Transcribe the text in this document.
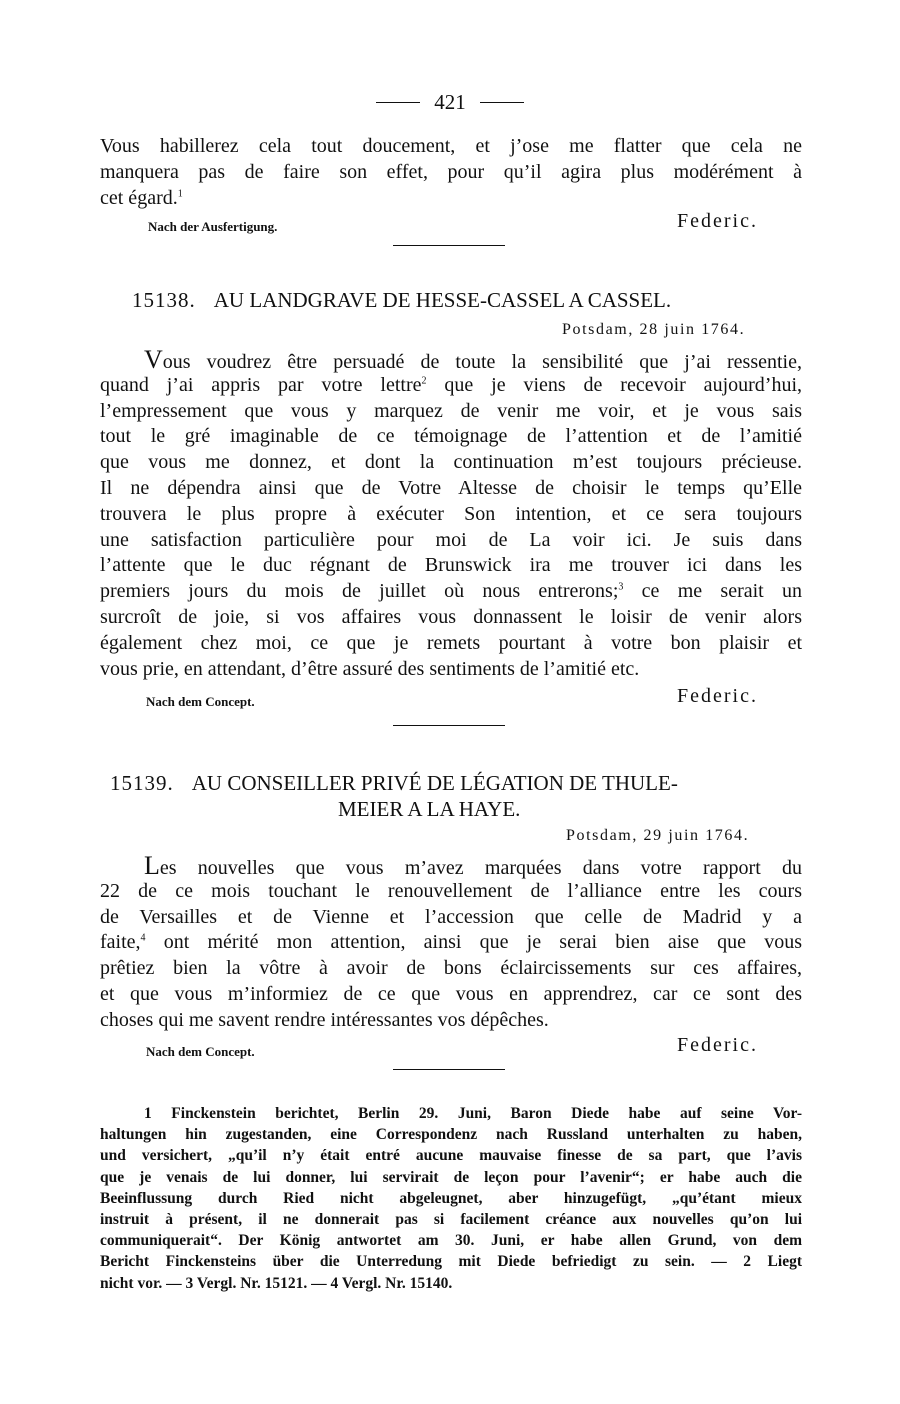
421

Vous habillerez cela tout doucement, et j’ose me flatter que cela ne
manquera pas de faire son effet, pour qu’il agira plus modérément à
cet égard.$^1$

Nach der Ausfertigung.	Federic.
15138. AU LANDGRAVE DE HESSE-CASSEL A CASSEL.
Potsdam, 28 juin 1764.

Vous voudrez être persuadé de toute la sensibilité que j’ai ressentie,
quand j’ai appris par votre lettre$^2$ que je viens de recevoir aujourd’hui,
l’empressement que vous y marquez de venir me voir, et je vous sais
tout le gré imaginable de ce témoignage de l’attention et de l’amitié
que vous me donnez, et dont la continuation m’est toujours précieuse.
Il ne dépendra ainsi que de Votre Altesse de choisir le temps qu’Elle
trouvera le plus propre à exécuter Son intention, et ce sera toujours
une satisfaction particulière pour moi de La voir ici. Je suis dans
l’attente que le duc régnant de Brunswick ira me trouver ici dans les
premiers jours du mois de juillet où nous entrerons;$^3$ ce me serait un
surcroît de joie, si vos affaires vous donnassent le loisir de venir alors
également chez moi, ce que je remets pourtant à votre bon plaisir et
vous prie, en attendant, d’être assuré des sentiments de l’amitié etc.

Nach dem Concept.	Federic.
15139. AU CONSEILLER PRIVÉ DE LÉGATION DE THULE-
MEIER A LA HAYE.
Potsdam, 29 juin 1764.

Les nouvelles que vous m’avez marquées dans votre rapport du
22 de ce mois touchant le renouvellement de l’alliance entre les cours
de Versailles et de Vienne et l’accession que celle de Madrid y a
faite,$^4$ ont mérité mon attention, ainsi que je serai bien aise que vous
prêtiez bien la vôtre à avoir de bons éclaircissements sur ces affaires,
et que vous m’informiez de ce que vous en apprendrez, car ce sont des
choses qui me savent rendre intéressantes vos dépêches.

Nach dem Concept.	Federic.
1 Finckenstein berichtet, Berlin 29. Juni, Baron Diede habe auf seine Vor-
haltungen hin zugestanden, eine Correspondenz nach Russland unterhalten zu haben,
und versichert, „qu’il n’y était entré aucune mauvaise finesse de sa part, que l’avis
que je venais de lui donner, lui servirait de leçon pour l’avenir“; er habe auch die
Beeinflussung durch Ried nicht abgeleugnet, aber hinzugefügt, „qu’étant mieux
instruit à présent, il ne donnerait pas si facilement créance aux nouvelles qu’on lui
communiquerait“. Der König antwortet am 30. Juni, er habe allen Grund, von dem
Bericht Finckensteins über die Unterredung mit Diede befriedigt zu sein. — 2 Liegt
nicht vor. — 3 Vergl. Nr. 15121. — 4 Vergl. Nr. 15140.
